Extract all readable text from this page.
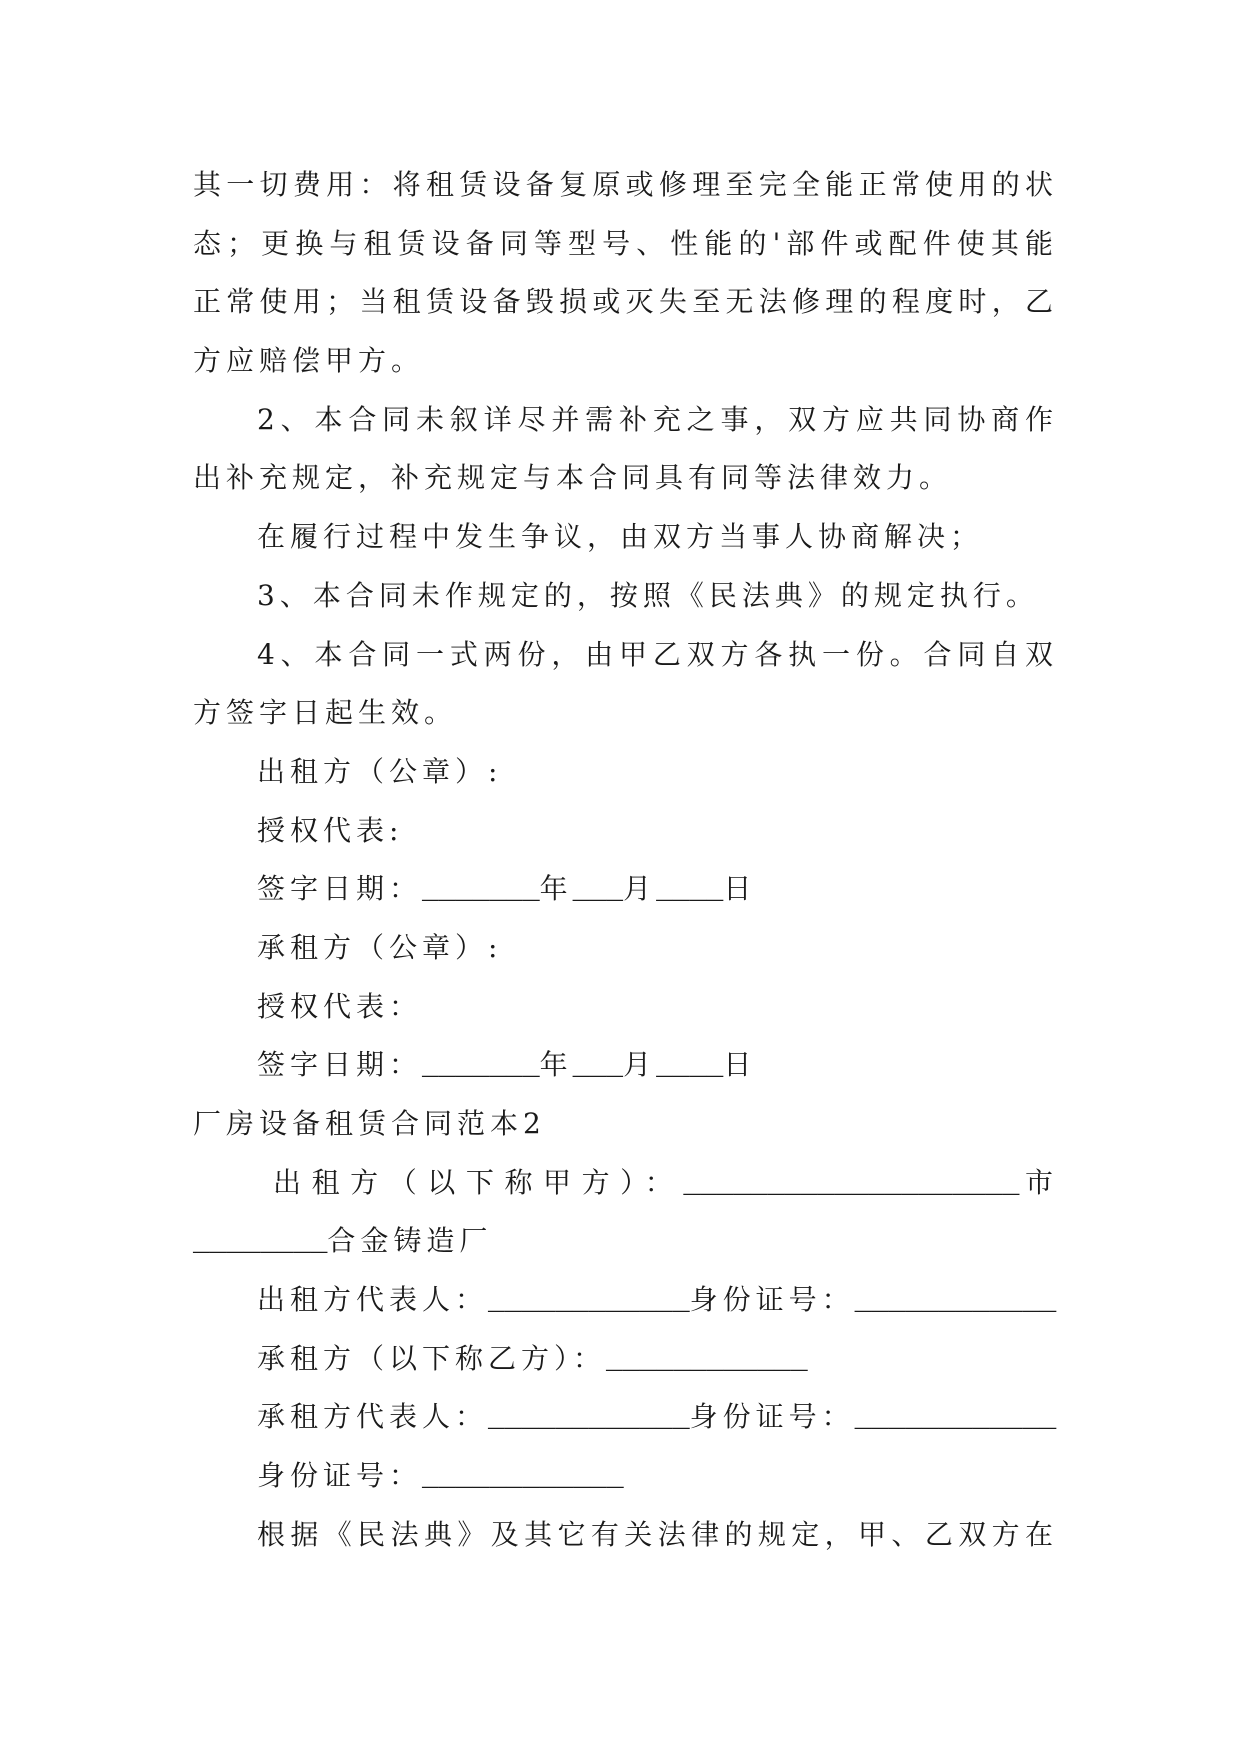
其一切费用：将租赁设备复原或修理至完全能正常使用的状
态；更换与租赁设备同等型号、性能的'部件或配件使其能
正常使用；当租赁设备毁损或灭失至无法修理的程度时，乙
方应赔偿甲方。
2、本合同未叙详尽并需补充之事，双方应共同协商作
出补充规定，补充规定与本合同具有同等法律效力。
在履行过程中发生争议，由双方当事人协商解决；
3、本合同未作规定的，按照《民法典》的规定执行。
4、本合同一式两份，由甲乙双方各执一份。合同自双
方签字日起生效。
出租方（公章）:
授权代表:
签字日期：_______年___月____日
承租方（公章）:
授权代表：
签字日期：_______年___月____日
厂房设备租赁合同范本2
出租方（以下称甲方）：____________________市
________合金铸造厂
出租方代表人：____________身份证号：____________
承租方（以下称乙方）：____________
承租方代表人：____________身份证号：____________
身份证号：____________
根据《民法典》及其它有关法律的规定，甲、乙双方在
